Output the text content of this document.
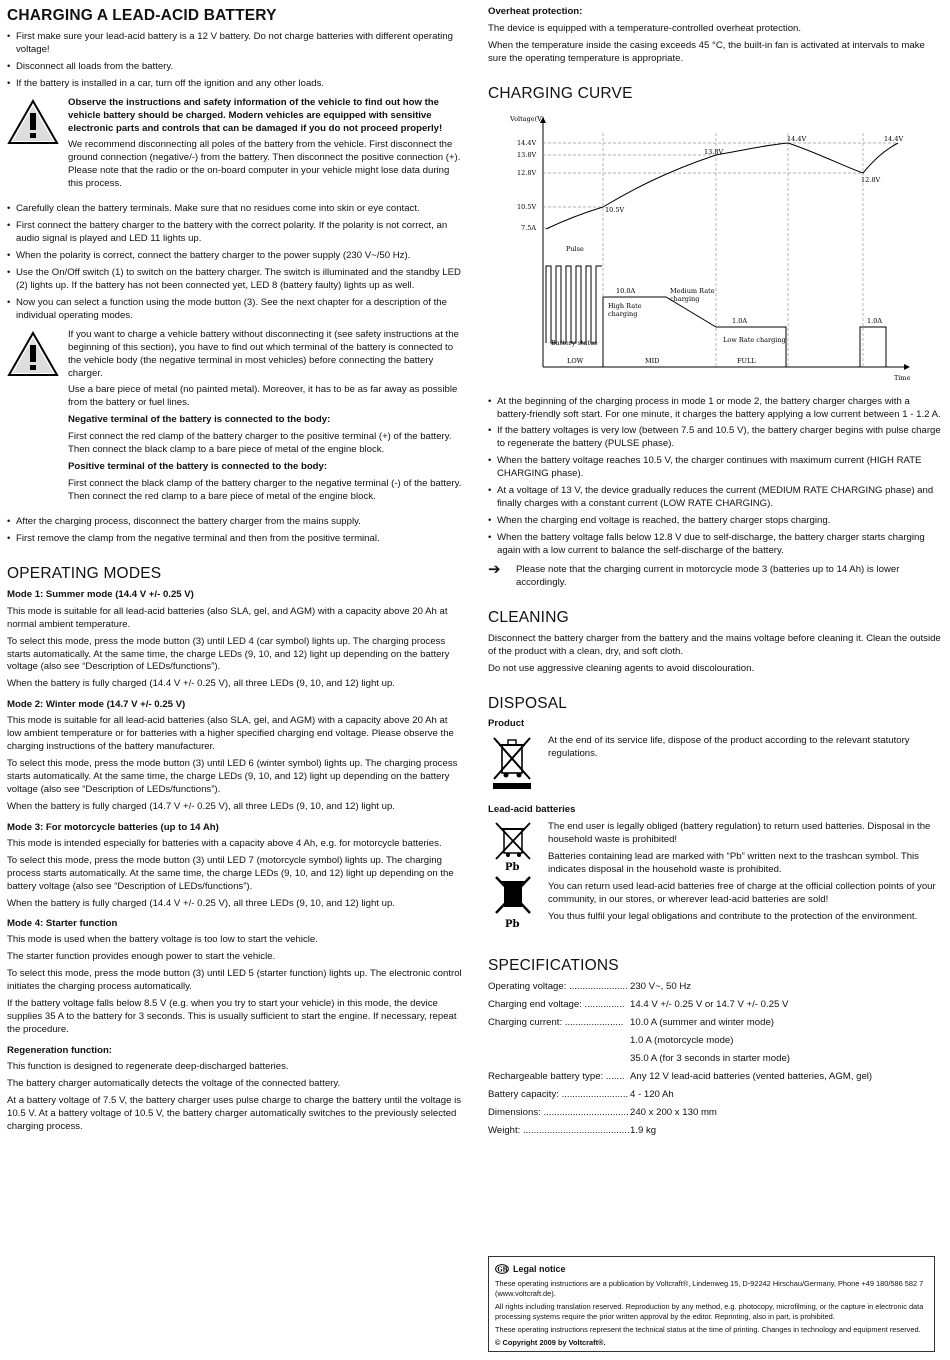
CHARGING A LEAD-ACID BATTERY
• First make sure your lead-acid battery is a 12 V battery. Do not charge batteries with different operating voltage!
• Disconnect all loads from the battery.
• If the battery is installed in a car, turn off the ignition and any other loads.

Observe the instructions and safety information of the vehicle to find out how the vehicle battery should be charged. Modern vehicles are equipped with sensitive electronic parts and controls that can be damaged if you do not proceed properly!

We recommend disconnecting all poles of the battery from the vehicle. First disconnect the ground connection (negative/-) from the battery. Then disconnect the positive connection (+). Please note that the radio or the on-board computer in your vehicle might lose data during this process.

• Carefully clean the battery terminals. Make sure that no residues come into skin or eye contact.
• First connect the battery charger to the battery with the correct polarity. If the polarity is not correct, an audio signal is played and LED 11 lights up.
• When the polarity is correct, connect the battery charger to the power supply (230 V~/50 Hz).
• Use the On/Off switch (1) to switch on the battery charger. The switch is illuminated and the standby LED (2) lights up. If the battery has not been connected yet, LED 8 (battery faulty) lights up as well.
• Now you can select a function using the mode button (3). See the next chapter for a description of the individual operating modes.

If you want to charge a vehicle battery without disconnecting it (see safety instructions at the beginning of this section), you have to find out which terminal of the battery is connected to the vehicle body (the negative terminal in most vehicles) before connecting the battery charger.

Use a bare piece of metal (no painted metal). Moreover, it has to be as far away as possible from the battery or fuel lines.

Negative terminal of the battery is connected to the body:

First connect the red clamp of the battery charger to the positive terminal (+) of the battery. Then connect the black clamp to a bare piece of metal of the engine block.

Positive terminal of the battery is connected to the body:

First connect the black clamp of the battery charger to the negative terminal (-) of the battery. Then connect the red clamp to a bare piece of metal of the engine block.

• After the charging process, disconnect the battery charger from the mains supply.
• First remove the clamp from the negative terminal and then from the positive terminal.
OPERATING MODES

Mode 1: Summer mode (14.4 V +/- 0.25 V)

This mode is suitable for all lead-acid batteries (also SLA, gel, and AGM) with a capacity above 20 Ah at normal ambient temperature.

To select this mode, press the mode button (3) until LED 4 (car symbol) lights up. The charging process starts automatically. At the same time, the charge LEDs (9, 10, and 12) light up depending on the battery voltage (also see “Description of LEDs/functions”).

When the battery is fully charged (14.4 V +/- 0.25 V), all three LEDs (9, 10, and 12) light up.

Mode 2: Winter mode (14.7 V +/- 0.25 V)

This mode is suitable for all lead-acid batteries (also SLA, gel, and AGM) with a capacity above 20 Ah at low ambient temperature or for batteries with a higher specified charging end voltage. Please observe the charging instructions of the battery manufacturer.

To select this mode, press the mode button (3) until LED 6 (winter symbol) lights up. The charging process starts automatically. At the same time, the charge LEDs (9, 10, and 12) light up depending on the battery voltage (also see “Description of LEDs/functions”).

When the battery is fully charged (14.7 V +/- 0.25 V), all three LEDs (9, 10, and 12) light up.

Mode 3: For motorcycle batteries (up to 14 Ah)

This mode is intended especially for batteries with a capacity above 4 Ah, e.g. for motorcycle batteries.

To select this mode, press the mode button (3) until LED 7 (motorcycle symbol) lights up. The charging process starts automatically. At the same time, the charge LEDs (9, 10, and 12) light up depending on the battery voltage (also see “Description of LEDs/functions”).

When the battery is fully charged (14.4 V +/- 0.25 V), all three LEDs (9, 10, and 12) light up.

Mode 4: Starter function

This mode is used when the battery voltage is too low to start the vehicle.

The starter function provides enough power to start the vehicle.

To select this mode, press the mode button (3) until LED 5 (starter function) lights up. The electronic control initiates the charging process automatically.

If the battery voltage falls below 8.5 V (e.g. when you try to start your vehicle) in this mode, the device supplies 35 A to the battery for 3 seconds. This is usually sufficient to start the engine. If necessary, repeat the procedure.

Regeneration function:

This function is designed to regenerate deep-discharged batteries.

The battery charger automatically detects the voltage of the connected battery.

At a battery voltage of 7.5 V, the battery charger uses pulse charge to charge the battery until the voltage is 10.5 V. At a battery voltage of 10.5 V, the battery charger automatically switches to the previously selected charging process.

Overheat protection:

The device is equipped with a temperature-controlled overheat protection.

When the temperature inside the casing exceeds 45 °C, the built-in fan is activated at intervals to make sure the operating temperature is appropriate.

CHARGING CURVE
Voltage(V)
Time
14.4V
13.8V
12.8V
10.5V
7.5A
10.5V
13.8V
14.4V
12.8V
14.4V
Pulse
10.0A
High Rate
charging
Medium Rate
charging
1.0A
Low Rate charging
1.0A
Battery status
LOW	MID	FULL
• At the beginning of the charging process in mode 1 or mode 2, the battery charger charges with a battery-friendly soft start. For one minute, it charges the battery applying a low current between 1 - 1.2 A.
• If the battery voltages is very low (between 7.5 and 10.5 V), the battery charger begins with pulse charge to regenerate the battery (PULSE phase).
• When the battery voltage reaches 10.5 V, the charger continues with maximum current (HIGH RATE CHARGING phase).
• At a voltage of 13 V, the device gradually reduces the current (MEDIUM RATE CHARGING phase) and finally charges with a constant current (LOW RATE CHARGING).
• When the charging end voltage is reached, the battery charger stops charging.
• When the battery voltage falls below 12.8 V due to self-discharge, the battery charger starts charging again with a low current to balance the self-discharge of the battery.
➔	Please note that the charging current in motorcycle mode 3 (batteries up to 14 Ah) is lower accordingly.
CLEANING

Disconnect the battery charger from the battery and the mains voltage before cleaning it. Clean the outside of the product with a clean, dry, and soft cloth.

Do not use aggressive cleaning agents to avoid discolouration.

DISPOSAL

Product

At the end of its service life, dispose of the product according to the relevant statutory regulations.

Lead-acid batteries

Pb
Pb

The end user is legally obliged (battery regulation) to return used batteries. Disposal in the household waste is prohibited!

Batteries containing lead are marked with “Pb” written next to the trashcan symbol. This indicates disposal in the household waste is prohibited.

You can return used lead-acid batteries free of charge at the official collection points of your community, in our stores, or wherever lead-acid batteries are sold!

You thus fulfil your legal obligations and contribute to the protection of the environment.

SPECIFICATIONS
Operating voltage: ...................... 230 V~, 50 Hz
Charging end voltage: ............... 14.4 V +/- 0.25 V or 14.7 V +/- 0.25 V
Charging current: ...................... 10.0 A (summer and winter mode)
1.0 A (motorcycle mode)
35.0 A (for 3 seconds in starter mode)
Rechargeable battery type: ....... Any 12 V lead-acid batteries (vented batteries, AGM, gel)
Battery capacity: ......................... 4 - 120 Ah
Dimensions: ................................ 240 x 200 x 130 mm
Weight: ........................................ 1.9 kg
GB Legal notice

These operating instructions are a publication by Voltcraft®, Lindenweg 15, D-92242 Hirschau/Germany, Phone +49 180/586 582 7 (www.voltcraft.de).

All rights including translation reserved. Reproduction by any method, e.g. photocopy, microfilming, or the capture in electronic data processing systems require the prior written approval by the editor. Reprinting, also in part, is prohibited.

These operating instructions represent the technical status at the time of printing. Changes in technology and equipment reserved.

© Copyright 2009 by Voltcraft®.
